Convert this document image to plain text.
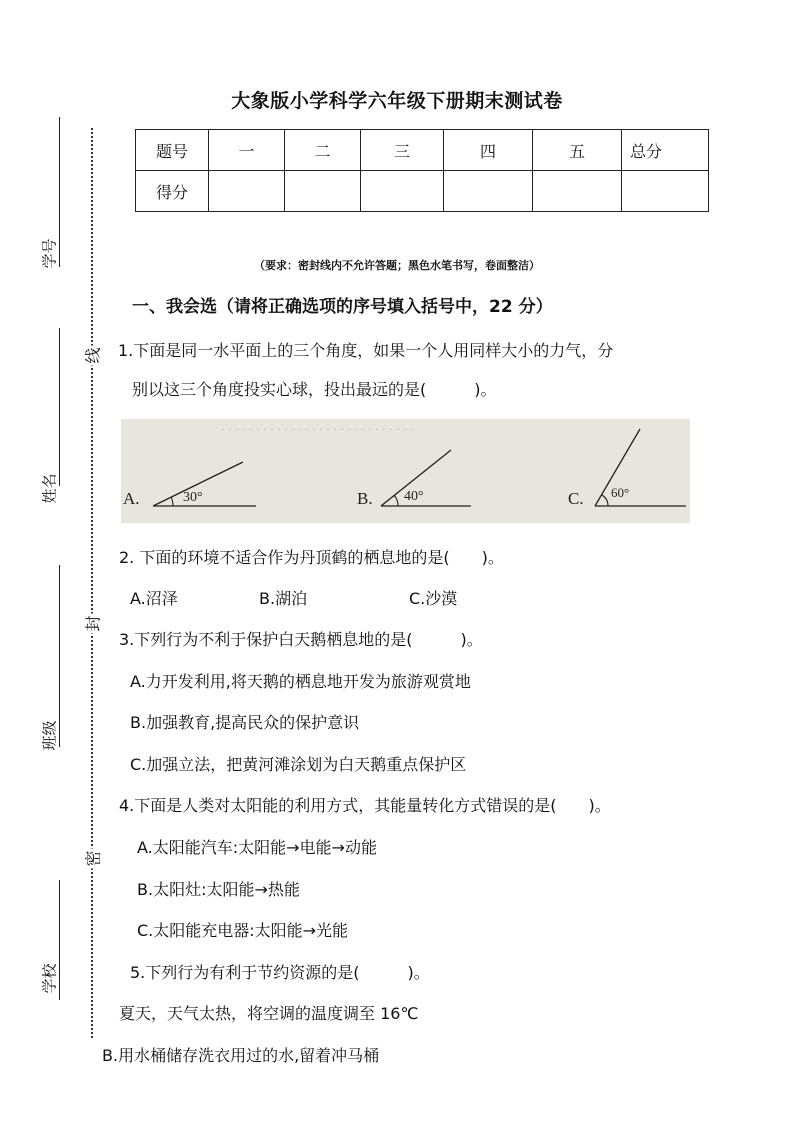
学号
姓名
班级
学校
线
封
密
大象版小学科学六年级下册期末测试卷
题号	一	二	三	四	五	总分
得分						
（要求：密封线内不允许答题；黑色水笔书写，卷面整洁）
一、我会选（请将正确选项的序号填入括号中，22 分）
1.下面是同一水平面上的三个角度，如果一个人用同样大小的力气，分
别以这三个角度投实心球，投出最远的是(　　　)。
· · · · · · · · · · · · · · · · · · · · · · · · · · · ·
A.	30°	B. 40°	C. 60°
2. 下面的环境不适合作为丹顶鹤的栖息地的是(　　)。
A.沼泽	B.湖泊	C.沙漠
3.下列行为不利于保护白天鹅栖息地的是(　　　)。
A.力开发利用,将天鹅的栖息地开发为旅游观赏地
B.加强教育,提高民众的保护意识
C.加强立法，把黄河滩涂划为白天鹅重点保护区
4.下面是人类对太阳能的利用方式，其能量转化方式错误的是(　　)。
A.太阳能汽车:太阳能→电能→动能
B.太阳灶:太阳能→热能
C.太阳能充电器:太阳能→光能
5.下列行为有利于节约资源的是(　　　)。
夏天，天气太热，将空调的温度调至 16℃
B.用水桶储存洗衣用过的水,留着冲马桶
